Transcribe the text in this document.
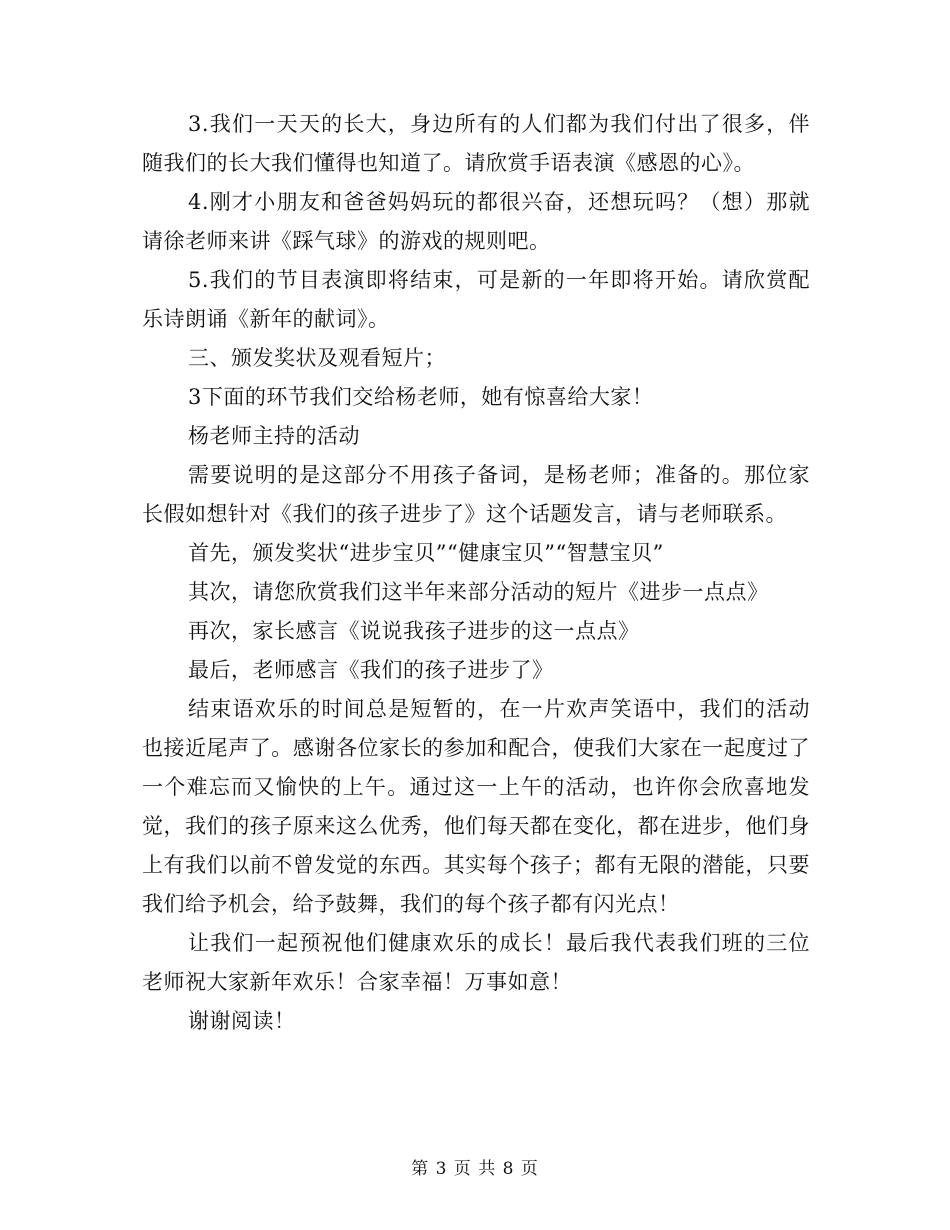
3.我们一天天的长大，身边所有的人们都为我们付出了很多，伴随我们的长大我们懂得也知道了。请欣赏手语表演《感恩的心》。

4.刚才小朋友和爸爸妈妈玩的都很兴奋，还想玩吗？（想）那就请徐老师来讲《踩气球》的游戏的规则吧。

5.我们的节目表演即将结束，可是新的一年即将开始。请欣赏配乐诗朗诵《新年的献词》。

三、颁发奖状及观看短片；

3下面的环节我们交给杨老师，她有惊喜给大家！

杨老师主持的活动

需要说明的是这部分不用孩子备词，是杨老师；准备的。那位家长假如想针对《我们的孩子进步了》这个话题发言，请与老师联系。

首先，颁发奖状“进步宝贝”“健康宝贝”“智慧宝贝”

其次，请您欣赏我们这半年来部分活动的短片《进步一点点》

再次，家长感言《说说我孩子进步的这一点点》

最后，老师感言《我们的孩子进步了》

结束语欢乐的时间总是短暂的，在一片欢声笑语中，我们的活动也接近尾声了。感谢各位家长的参加和配合，使我们大家在一起度过了一个难忘而又愉快的上午。通过这一上午的活动，也许你会欣喜地发觉，我们的孩子原来这么优秀，他们每天都在变化，都在进步，他们身上有我们以前不曾发觉的东西。其实每个孩子；都有无限的潜能，只要我们给予机会，给予鼓舞，我们的每个孩子都有闪光点！

让我们一起预祝他们健康欢乐的成长！最后我代表我们班的三位老师祝大家新年欢乐！合家幸福！万事如意！

谢谢阅读！

第 3 页 共 8 页
